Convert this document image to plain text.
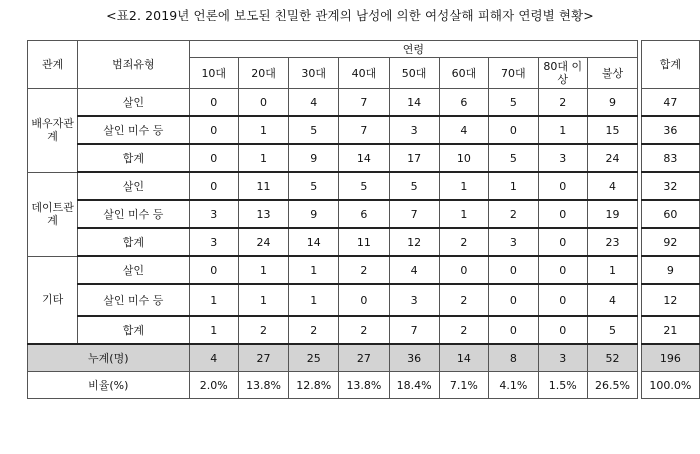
<표2. 2019년 언론에 보도된 친밀한 관계의 남성에 의한 여성살해 피해자 연령별 현황>
관계	범죄유형	연령										합계
		10대	20대	30대	40대	50대	60대	70대	80대 이상	불상		
배우자관계	살인	0	0	4	7	14	6	5	2	9		47
	살인 미수 등	0	1	5	7	3	4	0	1	15		36
	합계	0	1	9	14	17	10	5	3	24		83
데이트관계	살인	0	11	5	5	5	1	1	0	4		32
	살인 미수 등	3	13	9	6	7	1	2	0	19		60
	합계	3	24	14	11	12	2	3	0	23		92
기타	살인	0	1	1	2	4	0	0	0	1		9
	살인 미수 등	1	1	1	0	3	2	0	0	4		12
	합계	1	2	2	2	7	2	0	0	5		21
누계(명)		4	27	25	27	36	14	8	3	52		196
비율(%)		2.0%	13.8%	12.8%	13.8%	18.4%	7.1%	4.1%	1.5%	26.5%		100.0%
